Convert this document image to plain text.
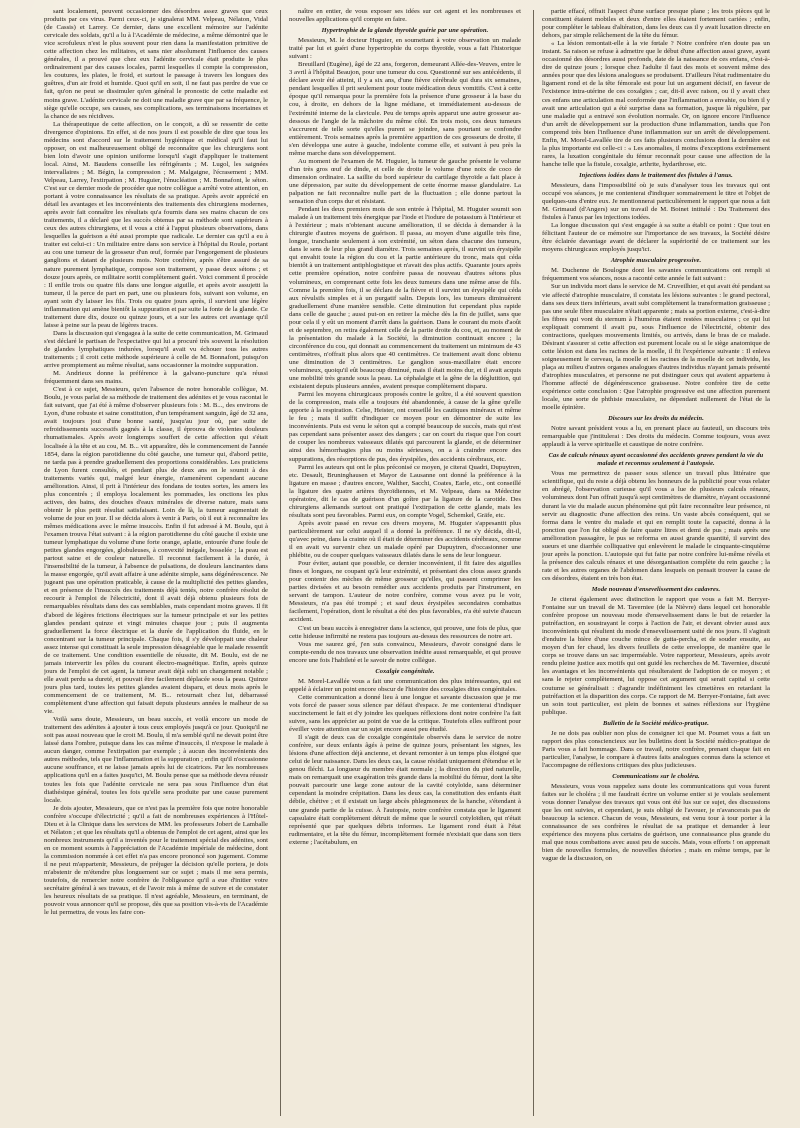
sant localement, peuvent occasionner des désordres assez graves que ceux produits par ces virus. Parmi ceux-ci, je signalerai MM. Velpeau, Nélaton, Vidal (de Cassis) et Larrey. Ce dernier, dans une excellent mémoire sur l'adénite cervicale des soldats, qu'il a lu à l'Académie de médecine, a même démontré que le vice scrofuleux n'est le plus souvent pour rien dans la manifestation primitive de cette affection chez les militaires, et sans nier absolument l'influence des causes générales, il a prouvé que chez eux l'adénite cervicale était produite le plus ordinairement par des causes locales, parmi lesquelles il compte la compression, les coutures, les plaies, le froid, et surtout le passage à travers les longues des guêtres, d'un air froid et humide. Quoi qu'il en soit, il ne faut pas perdre de vue ce fait, qu'on ne peut se dissimuler qu'en général le pronostic de cette maladie est moins grave. L'adénite cervicale ne doit une maladie grave que par sa fréquence, le siège qu'elle occupe, ses causes, ses complications, ses terminaisons incertaines et la chance de ses récidives.

La thérapeutique de cette affection, on le conçoit, a dû se ressentir de cette divergence d'opinions. En effet, si de nos jours il est possible de dire que tous les médecins sont d'accord sur le traitement hygiénique et médical qu'il faut lui opposer, on est malheureusement obligé de reconnaître que les chirurgiens sont bien loin d'avoir une opinion uniforme lorsqu'il s'agit d'appliquer le traitement local. Ainsi, M. Baudens conseille les réfrigérants ; M. Lugol, les saignées intervallaires ; M. Bégin, la compression ; M. Malgaigne, l'écrasement ; MM. Velpeau, Larrey, l'extirpation ; M. Huguier, l'énucléation ; M. Bonnafont, le séton. C'est sur ce dernier mode de procéder que notre collègue a arrêté votre attention, en portant à votre connaissance les résultats de sa pratique. Après avoir apprécié en détail les avantages et les inconvénients des traitements des chirurgiens modernes, après avoir fait connaître les résultats qu'a fournis dans ses mains chacun de ces traitements, il a déclaré que les succès obtenus par sa méthode sont supérieurs à ceux des autres chirurgiens, et il vous a cité à l'appui plusieurs observations, dans lesquelles la guérison a été aussi prompte que radicale. Le dernier cas qu'il a eu à traiter est celui-ci : Un militaire entre dans son service à l'hôpital du Roule, portant au cou une tumeur de la grosseur d'un œuf, formée par l'engorgement de plusieurs ganglions et datant de plusieurs mois. Notre confrère, après s'être assuré de sa nature purement lymphatique, compose son traitement, y passe deux sétons ; et douze jours après, ce militaire sortit complètement guéri. Voici comment il procède : Il enfile trois ou quatre fils dans une longue aiguille, et après avoir assujetti la tumeur, il la perce de part en part, une ou plusieurs fois, suivant son volume, en ayant soin d'y laisser les fils. Trois ou quatre jours après, il survient une légère inflammation qui amène bientôt la suppuration et par suite la fonte de la glande. Ce traitement dure dix, douze ou quinze jours, et a sur les autres cet avantage qu'il laisse à peine sur la peau de légères traces.

Dans la discussion qui s'engagea à la suite de cette communication, M. Grimaud s'est déclaré le partisan de l'expectative qui lui a procuré très souvent la résolution de glandes lymphatiques indurées, lorsqu'il avait vu échouer tous les autres traitements ; il croit cette méthode supérieure à celle de M. Bonnafont, puisqu'on arrive promptement au même résultat, sans occasionner la moindre suppuration.

M. Andrieux donne la préférence à la galvano-puncture qu'a réussi fréquemment dans ses mains.

C'est à ce sujet, Messieurs, qu'en l'absence de notre honorable collègue, M. Boulu, je vous parlai de sa méthode de traitement des adénites et je vous racontai le fait suivant, que j'ai été à même d'observer plusieurs fois : M. B..., des environs de Lyon, d'une robuste et saine constitution, d'un tempérament sanguin, âgé de 32 ans, avait toujours joui d'une bonne santé, jusqu'au jour où, par suite de refroidissements successifs gagnés à la classe, il éprouva de violentes douleurs rhumatismales. Après avoir longtemps souffert de cette affection qui s'était localisée à la tête et au cou, M. B... vit apparaître, dès le commencement de l'année 1854, dans la région parotidienne du côté gauche, une tumeur qui, d'abord petite, ne tarda pas à prendre graduellement des proportions considérables. Les praticiens de Lyon furent consultés, et pendant plus de deux ans on le soumit à des traitements variés qui, malgré leur énergie, n'amenèrent cependant aucune amélioration. Ainsi, il prit à l'intérieur des fondans de toutes sortes, les amers les plus concentrés ; il employa localement les pommades, les onctions les plus actives, des bains, des douches d'eaux minérales de diverse nature, mais sans obtenir le plus petit résultat satisfaisant. Loin de là, la tumeur augmentait de volume de jour en jour. Il se décida alors à venir à Paris, où il eut à reconnaître les mêmes médications avec le même insuccès. Enfin il fut adressé à M. Boulu, qui à l'examen trouva l'état suivant : à la région parotidienne du côté gauche il existe une tumeur lymphatique du volume d'une forte orange, aplatie, entourée d'une foule de petites glandes engorgées, globuleuses, à convexité inégale, bosselée ; la peau est partout saine et de couleur naturelle. Il reconnut facilement à la durée, à l'insensibilité de la tumeur, à l'absence de pulsations, de douleurs lancinantes dans la masse engorgée, qu'il avait affaire à une adénite simple, sans dégénérescence. Ne jugeant pas une opération praticable, à cause de la multiplicité des petites glandes, et en présence de l'insuccès des traitements déjà tentés, notre confrère résolut de recourir à l'emploi de l'électricité, dont il avait déjà obtenu plusieurs fois de remarquables résultats dans des cas semblables, mais cependant moins graves. Il fit d'abord de légères frictions électriques sur la tumeur principale et sur les petites glandes pendant quinze et vingt minutes chaque jour ; puis il augmenta graduellement la force électrique et la durée de l'application du fluide, en le concentrant sur la tumeur principale. Chaque fois, il s'y développait une chaleur assez intense qui constituait la seule impression désagréable que le malade ressentît de ce traitement. Une condition essentielle de réussite, dit M. Boulu, est de ne jamais intervertir les pôles du courant électro-magnétique. Enfin, après quinze jours de l'emploi de cet agent, la tumeur avait déjà subi un changement notable ; elle avait perdu sa dureté, et pouvait être facilement déplacée sous la peau. Quinze jours plus tard, toutes les petites glandes avaient disparu, et deux mois après le commencement de ce traitement, M. B... retournait chez lui, débarrassé complètement d'une affection qui faisait depuis plusieurs années le malheur de sa vie.

Voilà sans doute, Messieurs, un beau succès, et voilà encore un mode de traitement des adénites à ajouter à tous ceux employés jusqu'à ce jour. Quoiqu'il ne soit pas aussi nouveau que le croit M. Boulu, il m'a semblé qu'il ne devait point être laissé dans l'ombre, puisque dans les cas même d'insuccès, il n'expose le malade à aucun danger, comme l'extirpation par exemple ; à aucun des inconvénients des autres méthodes, tels que l'inflammation et la suppuration ; enfin qu'il n'occasionne aucune souffrance, et ne laisse jamais après lui de cicatrices. Par les nombreuses applications qu'il en a faites jusqu'ici, M. Boulu pense que sa méthode devra réussir toutes les fois que l'adénite cervicale ne sera pas sous l'influence d'un état diathésique général, toutes les fois qu'elle sera produite par une cause purement locale.

Je dois ajouter, Messieurs, que ce n'est pas la première fois que notre honorable confrère s'occupe d'électricité ; qu'il a fait de nombreuses expériences à l'Hôtel-Dieu et à la Clinique dans les services de MM. les professeurs Jobert de Lamballe et Nélaton ; et que les résultats qu'il a obtenus de l'emploi de cet agent, ainsi que les nombreux instruments qu'il a inventés pour le traitement spécial des adénites, sont en ce moment soumis à l'appréciation de l'Académie impériale de médecine, dont la commission nommée à cet effet n'a pas encore prononcé son jugement. Comme il ne peut m'appartenir, Messieurs, de préjuger la décision qu'elle portera, je dois m'abstenir de m'étendre plus longuement sur ce sujet ; mais il me sera permis, toutefois, de remercier notre confrère de l'obligeance qu'il a eue d'initier votre secrétaire général à ses travaux, et de l'avoir mis à même de suivre et de constater les heureux résultats de sa pratique. Il n'est agréable, Messieurs, en terminant, de pouvoir vous annoncer qu'il se propose, dès que sa position vis-à-vis de l'Académie le lui permettra, de vous les faire con-

naître en entier, de vous exposer ses idées sur cet agent et les nombreuses et nouvelles applications qu'il compte en faire.

Hypertrophie de la glande thyroïde guérie par une opération.

Messieurs, M. le docteur Huguier, en soumettant à votre observation un malade traité par lui et guéri d'une hypertrophie du corps thyroïde, vous a fait l'historique suivant :

Breuillard (Eugène), âgé de 22 ans, forgeron, demeurant Allée-des-Veuves, entre le 3 avril à l'hôpital Beaujon, pour une tumeur du cou. Questionné sur ses antécédents, il déclare avoir été atteint, il y a six ans, d'une fièvre cérébrale qui dura six semaines, pendant lesquelles il prit seulement pour toute médication deux vomitifs. C'est à cette époque qu'il remarqua pour la première fois la présence d'une grosseur à la base du cou, à droite, en dehors de la ligne médiane, et immédiatement au-dessus de l'extrémité interne de la clavicule. Peu de temps après apparut une autre grosseur au-dessous de l'angle de la mâchoire du même côté. En trois mois, ces deux tumeurs s'accrurent de telle sorte qu'elles purent se joindre, sans pourtant se confondre entièrement. Trois semaines après la première apparition de ces grosseurs de droite, il s'en développa une autre à gauche, indolente comme elle, et suivant à peu près la même marche dans son développement.

Au moment de l'examen de M. Huguier, la tumeur de gauche présente le volume d'un très gros œuf de dinde, et celle de droite le volume d'une noix de coco de dimension ordinaire. La saillie du bord supérieur du cartilage thyroïde a fait place à une dépression, par suite du développement de cette énorme masse glandulaire. La palpation ne fait reconnaître nulle part de la fluctuation ; elle donne partout la sensation d'un corps dur et résistant.

Pendant les deux premiers mois de son entrée à l'hôpital, M. Huguier soumit son malade à un traitement très énergique par l'iode et l'iodure de potassium à l'intérieur et à l'extérieur ; mais n'obtenant aucune amélioration, il se décida à demander à la chirurgie d'autres moyens de guérison. Il passa, au moyen d'une aiguille très fine, longue, tranchante seulement à son extrémité, un séton dans chacune des tumeurs, dans le sens de leur plus grand diamètre. Trois semaines après, il survint un érysipèle qui envahit toute la région du cou et la partie antérieure du tronc, mais qui céda bientôt à un traitement antiphlogistique et n'avait des plus actifs. Quarante jours après cette première opération, notre confrère passa de nouveau d'autres sétons plus volumineux, en comprenant cette fois les deux tumeurs dans une même anse de fils. Comme la première fois, il se déclara de la fièvre et il survint un érysipèle qui céda aux révulsifs simples et à un purgatif salin. Depuis lors, les tumeurs diminuèrent graduellement d'une manière sensible. Cette diminution fut cependant plus rapide dans celle de gauche ; aussi put-on en retirer la mèche dès la fin de juillet, sans que pour cela il y eût un moment d'arrêt dans la guérison. Dans le courant du mois d'août et de septembre, on retira également celle de la partie droite du cou, et, au moment de la présentation du malade à la Société, la diminution continuait encore ; la circonférence du cou, qui donnait au commencement du traitement un minimum de 43 centimètres, n'offrait plus alors que 40 centimètres. Ce traitement avait donc obtenu une diminution de 3 centimètres. Le ganglion sous-maxillaire était encore volumineux, quoiqu'il eût beaucoup diminué, mais il était moins dur, et il avait acquis une mobilité très grande sous la peau. La céphalalgie et la gêne de la déglutition, qui existaient depuis plusieurs années, avaient presque complètement disparu.

Parmi les moyens chirurgicaux proposés contre le goître, il a été souvent question de la compression, mais elle a toujours été abandonnée, à cause de la gêne qu'elle apporte à la respiration. Celse, Heister, ont conseillé les cautiques minéraux et même le feu ; mais il suffit d'indiquer ce moyen pour en démontrer de suite les inconvénients. Puis est venu le séton qui a compté beaucoup de succès, mais qui n'est pas cependant sans présenter assez des dangers ; car on court du risque que l'on court de couper les nombreux vaisseaux dilatés qui parcourent la glande, et de déterminer ainsi des hémorrhagies plus ou moins sérieuses, on a à craindre encore des suppurations, des résorptions de pus, des érysipèles, des accidents cérébraux, etc.

Parmi les auteurs qui ont le plus préconisé ce moyen, je citerai Quadri, Dupuytren, etc. Desault, Bruninghausen et Mayor de Lausanne ont donné la préférence à la ligature en masse ; d'autres encore, Walther, Sacchi, Coates, Earle, etc., ont conseillé la ligature des quatre artères thyroïdiennes, et M. Velpeau, dans sa Médecine opératoire, dit le cas de guérison d'un goître par la ligature de la carotide. Des chirurgiens allemands surtout ont pratiqué l'extirpation de cette glande, mais les résultats sont peu favorables. Parmi eux, on compte Vogel, Schemkel, Gräfe, etc.

Après avoir passé en revue ces divers moyens, M. Huguier s'appesantit plus particulièrement sur celui auquel il a donné la préférence. Il ne s'y décida, dit-il, qu'avec peine, dans la crainte où il était de déterminer des accidents cérébraux, comme il en avait vu survenir chez un malade opéré par Dupuytren, d'occasionner une phlébite, ou de couper quelques vaisseaux dilatés dans le sens de leur longueur.

Pour éviter, autant que possible, ce dernier inconvénient, il fit faire des aiguilles fines et longues, ne coupant qu'à leur extrémité, et présentant des clous assez grands pour contenir des mèches de même grosseur qu'elles, qui passent comprimer les parties divisées et au besoin remédier aux accidents produits par l'instrument, en servant de tampon. L'auteur de notre confrère, comme vous avez pu le voir, Messieurs, n'a pas été trompé ; et sauf deux érysipèles secondaires combattus facilement, l'opération, dont le résultat a été des plus favorables, n'a été suivie d'aucun accident.

C'est un beau succès à enregistrer dans la science, qui prouve, une fois de plus, que cette hideuse infirmité ne restera pas toujours au-dessus des ressources de notre art.

Vous me saurez gré, j'en suis convaincu, Messieurs, d'avoir consigné dans le compte-rendu de nos travaux une observation inédite aussi remarquable, et qui prouve encore une fois l'habileté et le savoir de notre collègue.

Coxalgie congénitale.

M. Morel-Lavallée vous a fait une communication des plus intéressantes, qui est appelé à éclairer un point encore obscur de l'histoire des coxalgies dites congénitales.

Cette communication a donné lieu à une longue et savante discussion que je me vois forcé de passer sous silence par défaut d'espace. Je me contenterai d'indiquer succinctement le fait et d'y joindre les quelques réflexions dont notre confrère l'a fait suivre, sans les apprécier au point de vue de la critique. Toutefois elles suffiront pour éveiller votre attention sur un sujet encore aussi peu étudié.

Il s'agit de deux cas de coxalgie congénitale observés dans le service de notre confrère, sur deux enfants âgés à peine de quinze jours, présentant les signes, les lésions d'une affection déjà ancienne, et devant remonter à un temps plus éloigné que celui de leur naissance. Dans les deux cas, la cause résidait uniquement d'étendue et le genou fléchi. La longueur du membre était normale ; la direction du pied naturelle, mais on remarquait une exagération très grande dans la mobilité du fémur, dont la tête pouvait parcourir une large zone autour de la cavité cotyloïde, sans déterminer cependant la moindre crépitation. Dans les deux cas, la constitution des enfants était débile, chétive ; et il existait un large abcès phlegmoneux de la hanche, s'étendant à une grande partie de la cuisse. À l'autopsie, notre confrère constata que le ligament capsulaire était complètement détruit de même que le sourcil cotyloïdien, qui n'était représenté que par quelques débris informes. Le ligament rond était à l'état rudimentaire, et la tête du fémur, incomplètement formée n'existait que dans son tiers externe ; l'acétabulum, en

partie effacé, offrait l'aspect d'une surface presque plane ; les trois pièces qui le constituent étaient mobiles et deux d'entre elles étaient fortement cariées ; enfin, pour compléter le tableau d'altération, dans les deux cas il y avait luxation directe en dehors, par simple relâchement de la tête du fémur.

« La lésion remontait-elle à la vie fœtale ? Notre confrère n'en doute pas un instant. Sa raison se refuse à admettre que le début d'une affection aussi grave, ayant occasionné des désordres aussi profonds, date de la naissance de ces enfans, c'est-à-dire de quinze jours ; lorsque chez l'adulte il faut des mois et souvent même des années pour que des lésions analogues se produisent. D'ailleurs l'état rudimentaire du ligament rond et de la tête fémorale est pour lui un argument décisif, en faveur de l'existence intra-utérine de ces coxalgies ; car, dit-il avec raison, ou il y avait chez ces enfans une articulation mal conformée que l'inflammation a envahie, ou bien il y avait une articulation qui a été surprise dans sa formation, jusque là régulière, par une maladie qui a entravé son évolution normale. Or, on ignore encore l'influence d'un arrêt de développement sur la production d'une inflammation, tandis que l'on comprend très bien l'influence d'une inflammation sur un arrêt de développement. Enfin, M. Morel-Lavallée tire de ces faits plusieurs conclusions dont la dernière est la plus importante est celle-ci : « Les anomalies, il moins d'exceptions extrêmement rares, la luxation congénitale du fémur reconnaît pour cause une affection de la hanche telle que la fistule, coxalgie, arthrite, hydarthrose, etc.

Injections iodées dans le traitement des fistules à l'anus.

Messieurs, dans l'impossibilité où je suis d'analyser tous les travaux qui ont occupé vos séances, je me contenterai d'indiquer sommairement le titre et l'objet de quelques-uns d'entre eux. Je mentionnerai particulièrement le rapport que nous a fait M. Grimaud (d'Angers) sur un travail de M. Boinet intitulé : Du Traitement des fistules à l'anus par les injections iodées.

La longue discussion qui s'est engagée à sa suite a établi ce point : Que tout en félicitant l'auteur de ce mémoire sur l'importance de ses travaux, la Société désire être éclairée davantage avant de déclarer la supériorité de ce traitement sur les moyens chirurgicaux employés jusqu'ici.

Atrophie musculaire progressive.

M. Duchenne de Boulogne dont les savantes communications ont rempli si fréquemment vos séances, nous a raconté cette année le fait suivant :

Sur un individu mort dans le service de M. Cruveilhier, et qui avait été pendant sa vie affecté d'atrophie musculaire, il constata les lésions suivantes : le grand pectoral, dans ses deux tiers inférieurs, avait subi complètement la transformation graisseuse ; pas une seule fibre musculaire n'était apparente ; mais sa portion externe, c'est-à-dire les fibres qui vont du sternum à l'humérus étaient restées musculaires ; ce qui lui expliquait comment il avait pu, sous l'influence de l'électricité, obtenir des contractions, quelques mouvements limités, ou arrivés, dans le bras de ce malade. Désirant s'assurer si cette affection est purement locale ou si le siège anatomique de cette lésion est dans les racines de la moelle, il fit l'expérience suivante : Il enleva soigneusement le cerveau, la moelle et les racines de la moelle de cet individu, les plaça au milieu d'autres organes analogues d'autres individus n'ayant jamais présenté d'atrophies musculaires, et personne ne put distinguer ceux qui avaient appartenu à l'homme affecté de dégénérescence graisseuse. Notre confrère tire de cette expérience cette conclusion : Que l'atrophie progressive est une affection purement locale, une sorte de phthisie musculaire, ne dépendant nullement de l'état de la moelle épinière.

Discours sur les droits du médecin.

Notre savant président vous a lu, en prenant place au fauteuil, un discours très remarquable que j'intitulerai : Des droits du médecin. Comme toujours, vous avez applaudi à la verve spirituelle et caustique de notre confrère.

Cas de calculs rénaux ayant occasionné des accidents graves pendant la vie du malade et reconnus seulement à l'autopsie.

Vous me permettrez de passer sous silence un travail plus littéraire que scientifique, qui du reste a déjà obtenu les honneurs de la publicité pour vous relater en abrégé, l'observation curieuse qu'il vous a lue de plusieurs calculs rénaux, volumineux dont l'un offrait jusqu'à sept centimètres de diamètre, n'ayant occasionné durant la vie du malade aucun phénomène qui pût faire reconnaître leur présence, ni servir au diagnostic d'une affection des reins. Un vaste abcès conséquent, qui se forma dans le ventre du malade et qui en remplit toute la capacité, donna à la ponction que l'on fut obligé de faire quatre litres et demi de pus ; mais après une amélioration passagère, le pus se reforma en aussi grande quantité, il survint des sueurs et une diarrhée colliquative qui enlevèrent le malade le cinquante-cinquième jour après la ponction. L'autopsie qui fut faite par notre confrère lui-même révéla et la présence des calculs rénaux et une désorganisation complète du rein gauche ; la rate et les autres organes de l'abdomen dans lesquels on pensait trouver la cause de ces désordres, étaient en très bon état.

Mode nouveau d'ensevelissement des cadavres.

Je citerai également avec distinction le rapport que vous a fait M. Berryer-Fontaine sur un travail de M. Taverniee (de la Nièvre) dans lequel cet honorable confrère propose un nouveau mode d'ensevelissement dans le but de retarder la putréfaction, en soustrayant le corps à l'action de l'air, et devant obvier aussi aux inconvénients qui résultent du mode d'ensevelissement usité de nos jours. Il s'agirait d'enduire la bière d'une couche mince de gutta-percha, et de souder ensuite, au moyen d'un fer chaud, les divers feuillets de cette enveloppe, de manière que le corps se trouve dans un sac imperméable. Votre rapporteur, Messieurs, après avoir rendu pleine justice aux motifs qui ont guidé les recherches de M. Taverniee, discuté les avantages et les inconvénients qui résulteraient de l'adoption de ce moyen ; et sans le rejeter complètement, lui oppose cet argument qui serait capital si cette coutume se généralisait : d'agrandir indéfiniment les cimetières en retardant la putréfaction et la disparition des corps. Ce rapport de M. Berryer-Fontaine, fait avec un soin tout particulier, est plein de bonnes et saines réflexions sur l'hygiène publique.

Bulletin de la Société médico-pratique.

Je ne dois pas oublier non plus de consigner ici que M. Poumet vous a fait un rapport des plus consciencieux sur les bulletins dont la Société médico-pratique de Paris vous a fait hommage. Dans ce travail, notre confrère, prenant chaque fait en particulier, l'analyse, le compare à d'autres faits analogues connus dans la science et l'accompagne de réflexions critiques des plus judicieuses.

Communications sur le choléra.

Messieurs, vous vous rappelez sans doute les communications qui vous furent faites sur le choléra ; il me faudrait écrire un volume entier si je voulais seulement vous donner l'analyse des travaux qui vous ont été lus sur ce sujet, des discussions que les ont suivies, et cependant, je suis obligé de l'avouer, je n'avancerais pas de beaucoup la science. Chacun de vous, Messieurs, est venu tour à tour porter à la connaissance de ses confrères le résultat de sa pratique et demander à leur expérience des moyens plus certains de guérison, une connaissance plus grande du mal que nous combattons avec aussi peu de succès. Mais, vous efforts ! on apprenait bien de nouvelles formules, de nouvelles théories ; mais en même temps, par le vague de la discussion, on
